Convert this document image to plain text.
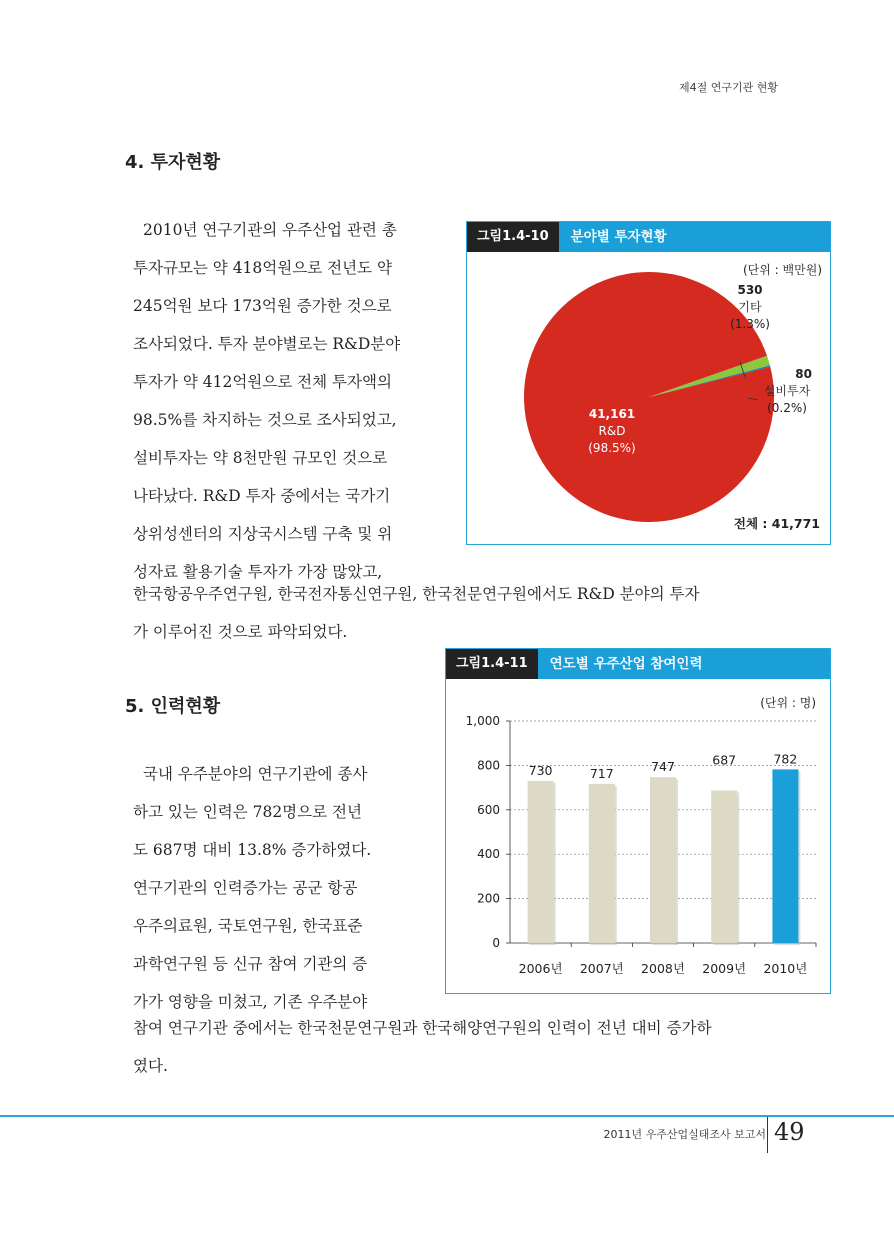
제4절 연구기관 현황
4. 투자현황
2010년 연구기관의 우주산업 관련 총
투자규모는 약 418억원으로 전년도 약
245억원 보다 173억원 증가한 것으로
조사되었다. 투자 분야별로는 R&D분야
투자가 약 412억원으로 전체 투자액의
98.5%를 차지하는 것으로 조사되었고,
설비투자는 약 8천만원 규모인 것으로
나타났다. R&D 투자 중에서는 국가기
상위성센터의 지상국시스템 구축 및 위
성자료 활용기술 투자가 가장 많았고,
한국항공우주연구원, 한국전자통신연구원, 한국천문연구원에서도 R&D 분야의 투자
가 이루어진 것으로 파악되었다.
그림1.4-10	분야별 투자현황
(단위 : 백만원)
41,161
R&D
(98.5%)
530
기타
(1.3%)
80
설비투자
(0.2%)
전체 : 41,771
5. 인력현황
국내 우주분야의 연구기관에 종사
하고 있는 인력은 782명으로 전년
도 687명 대비 13.8% 증가하였다.
연구기관의 인력증가는 공군 항공
우주의료원, 국토연구원, 한국표준
과학연구원 등 신규 참여 기관의 증
가가 영향을 미쳤고, 기존 우주분야
참여 연구기관 중에서는 한국천문연구원과 한국해양연구원의 인력이 전년 대비 증가하
였다.
그림1.4-11	연도별 우주산업 참여인력
(단위 : 명)
0
200
400
600
800
1,000
730
2006년
717
2007년
747
2008년
687
2009년
782
2010년
2011년 우주산업실태조사 보고서 49
